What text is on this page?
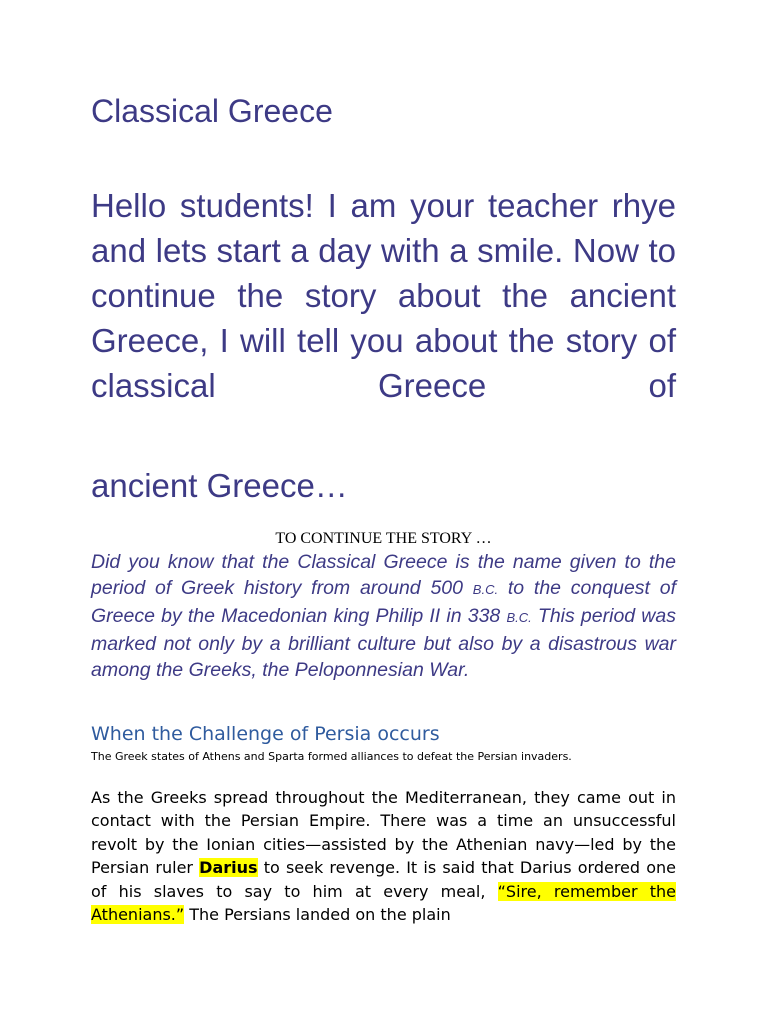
Classical Greece

Hello students! I am your teacher rhye and lets start a day with a smile. Now to continue the story about the ancient Greece, I will tell you about the story of classical Greece of

ancient Greece…

TO CONTINUE THE STORY …

Did you know that the Classical Greece is the name given to the period of Greek history from around 500 B.C. to the conquest of Greece by the Macedonian king Philip II in 338 B.C. This period was marked not only by a brilliant culture but also by a disastrous war among the Greeks, the Peloponnesian War.

When the Challenge of Persia occurs

The Greek states of Athens and Sparta formed alliances to defeat the Persian invaders.

As the Greeks spread throughout the Mediterranean, they came out in contact with the Persian Empire. There was a time an unsuccessful revolt by the Ionian cities—assisted by the Athenian navy—led by the Persian ruler Darius to seek revenge. It is said that Darius ordered one of his slaves to say to him at every meal, “Sire, remember the Athenians.” The Persians landed on the plain
